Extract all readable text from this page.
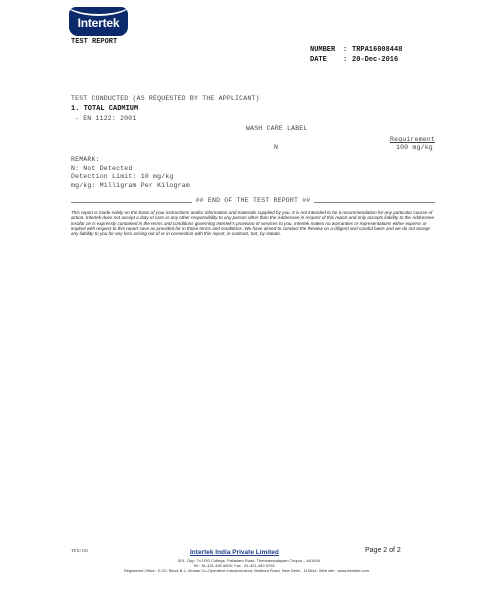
Intertek
TEST REPORT
NUMBER : TRPA16008448
DATE : 20-Dec-2016
TEST CONDUCTED (AS REQUESTED BY THE APPLICANT)
1. TOTAL CADMIUM
- EN 1122: 2001
WASH CARE LABEL
Requirement
N	100 mg/kg
REMARK:
N: Not Detected
Detection Limit: 10 mg/kg
mg/kg: Milligram Per Kilogram
## END OF THE TEST REPORT ##
This report is made solely on the basis of your instructions and/or information and materials supplied by you. It is not intended to be a recommendation for any particular course of action. Intertek does not accept a duty of care or any other responsibility to any person other than the Addressee in respect of this report and only accepts liability to the Addressee insofar as is expressly contained in the terms and conditions governing Intertek's provision of services to you. Intertek makes no warranties or representations either express or implied with respect to this report save as provided for in those terms and conditions. We have aimed to conduct the Review on a diligent and careful basis and we do not accept any liability to you for any loss arising out of or in connection with this report, in contract, tort, by statute.
TEX/130	Intertek India Private Limited
501, Opp. To LRG College, Palladam Road, Thennampalayam,Tirupur – 641604.
Tel : 91-421-430 5600; Fax : 91-421-430 5700
Registered Office : E-20, Block B-1, Mohan Co-Operative Industrial Area, Mathura Road, New Delhi - 110044. Web site : www.intertek.com.
Page 2 of 2
